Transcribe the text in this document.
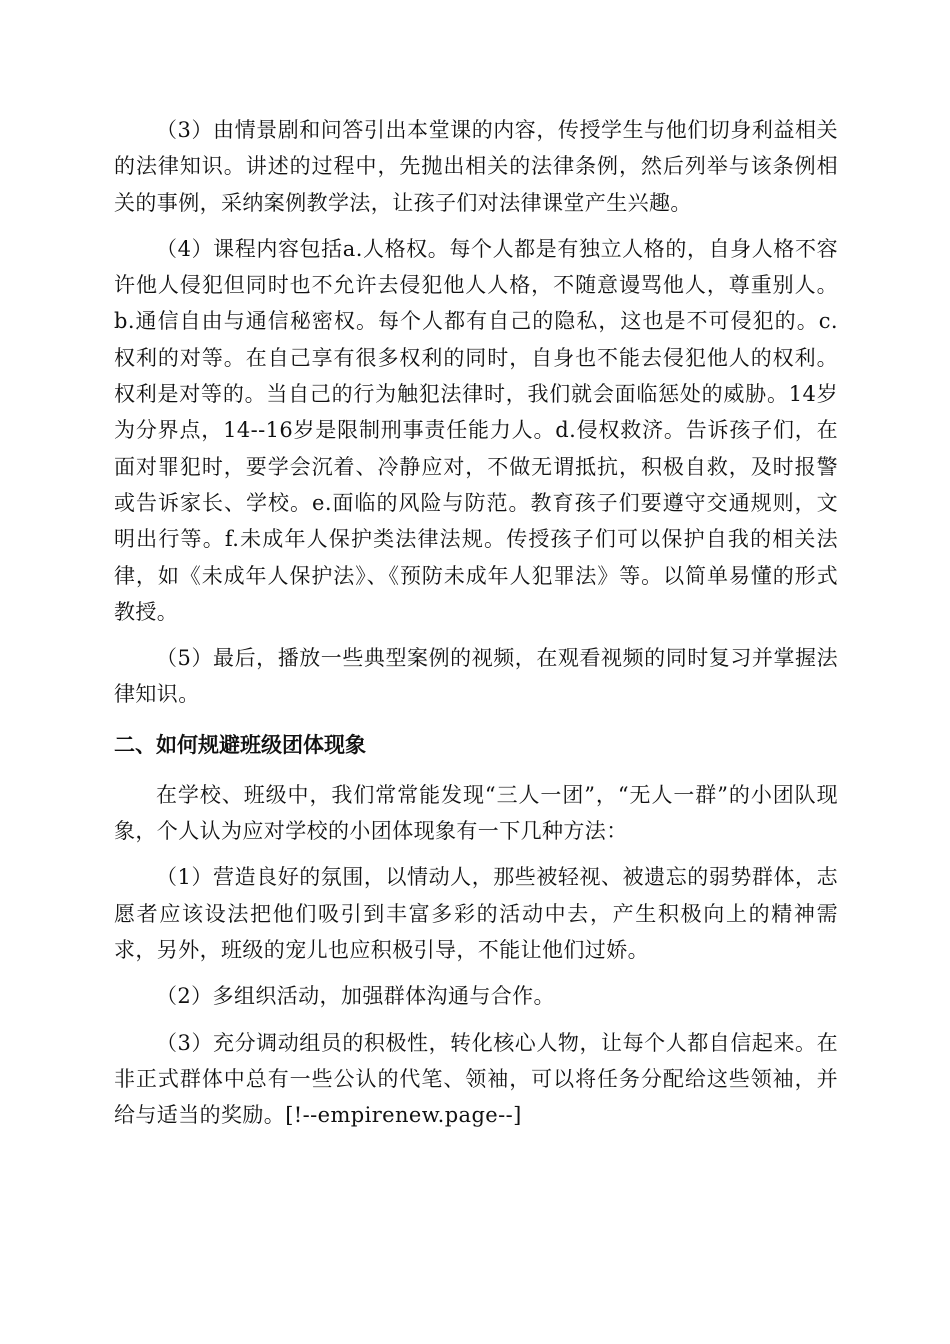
（3）由情景剧和问答引出本堂课的内容，传授学生与他们切身利益相关的法律知识。讲述的过程中，先抛出相关的法律条例，然后列举与该条例相关的事例，采纳案例教学法，让孩子们对法律课堂产生兴趣。

（4）课程内容包括a.人格权。每个人都是有独立人格的，自身人格不容许他人侵犯但同时也不允许去侵犯他人人格，不随意谩骂他人，尊重别人。b.通信自由与通信秘密权。每个人都有自己的隐私，这也是不可侵犯的。c.权利的对等。在自己享有很多权利的同时，自身也不能去侵犯他人的权利。权利是对等的。当自己的行为触犯法律时，我们就会面临惩处的威胁。14岁为分界点，14--16岁是限制刑事责任能力人。d.侵权救济。告诉孩子们，在面对罪犯时，要学会沉着、冷静应对，不做无谓抵抗，积极自救，及时报警或告诉家长、学校。e.面临的风险与防范。教育孩子们要遵守交通规则，文明出行等。f.未成年人保护类法律法规。传授孩子们可以保护自我的相关法律，如《未成年人保护法》、《预防未成年人犯罪法》等。以简单易懂的形式教授。

（5）最后，播放一些典型案例的视频，在观看视频的同时复习并掌握法律知识。

二、如何规避班级团体现象

在学校、班级中，我们常常能发现“三人一团”，“无人一群”的小团队现象，个人认为应对学校的小团体现象有一下几种方法：

（1）营造良好的氛围，以情动人，那些被轻视、被遗忘的弱势群体，志愿者应该设法把他们吸引到丰富多彩的活动中去，产生积极向上的精神需求，另外，班级的宠儿也应积极引导，不能让他们过娇。

（2）多组织活动，加强群体沟通与合作。

（3）充分调动组员的积极性，转化核心人物，让每个人都自信起来。在非正式群体中总有一些公认的代笔、领袖，可以将任务分配给这些领袖，并给与适当的奖励。[!--empirenew.page--]
